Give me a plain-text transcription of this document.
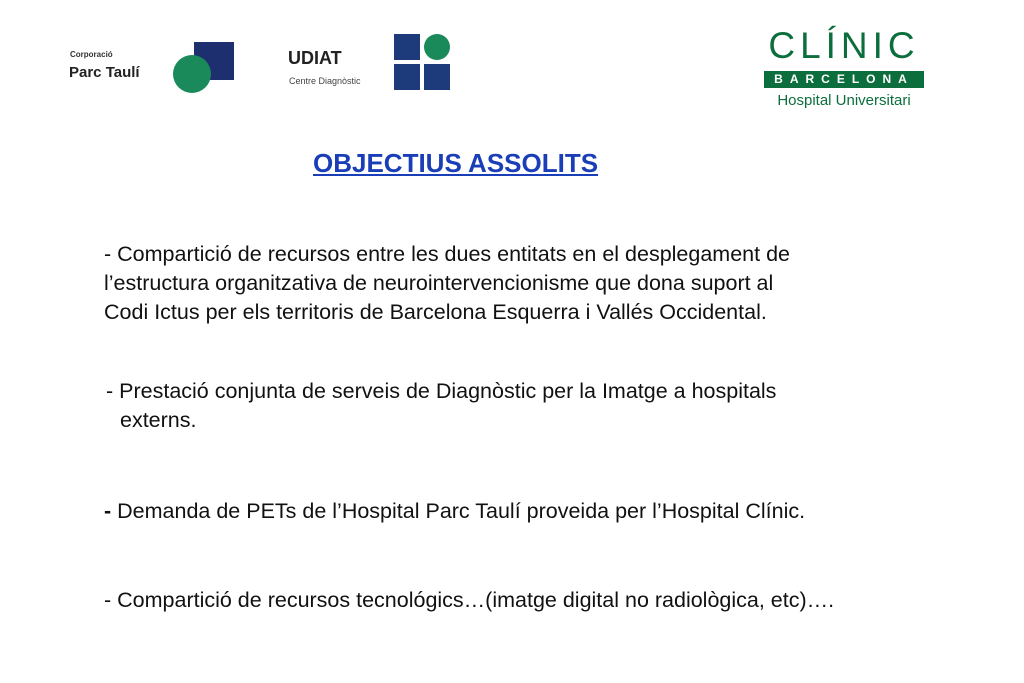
Corporació
Parc Taulí
UDIAT
Centre Diagnòstic
CLÍNIC
BARCELONA
Hospital Universitari
OBJECTIUS ASSOLITS

- Compartició de recursos entre les dues entitats en el desplegament de

l’estructura organitzativa de neurointervencionisme que dona suport al

Codi Ictus per els territoris de Barcelona Esquerra i Vallés Occidental.

- Prestació conjunta de serveis de Diagnòstic per la Imatge a hospitals

externs.

- Demanda de PETs de l’Hospital Parc Taulí proveida per l’Hospital Clínic.

- Compartició de recursos tecnológics…(imatge digital no radiològica, etc)….
